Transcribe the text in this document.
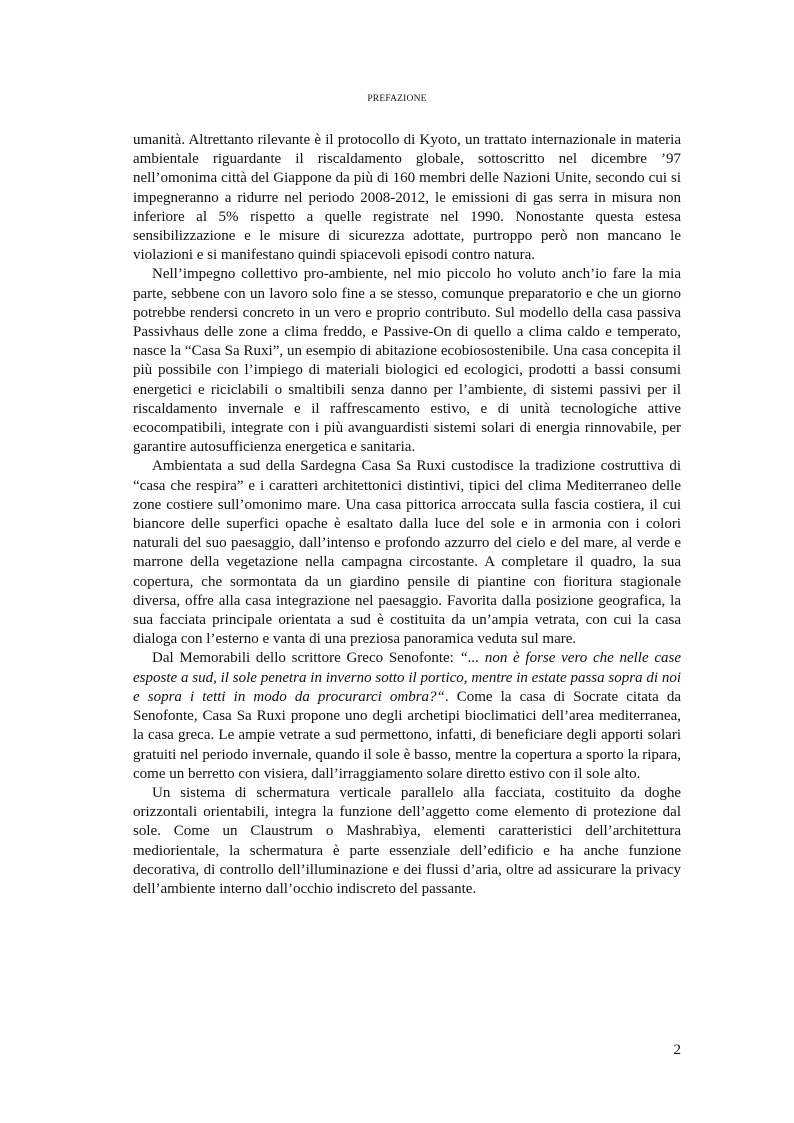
PREFAZIONE

umanità. Altrettanto rilevante è il protocollo di Kyoto, un trattato internazionale in materia ambientale riguardante il riscaldamento globale, sottoscritto nel dicembre ’97 nell’omonima città del Giappone da più di 160 membri delle Nazioni Unite, secondo cui si impegneranno a ridurre nel periodo 2008-2012, le emissioni di gas serra in misura non inferiore al 5% rispetto a quelle registrate nel 1990. Nonostante questa estesa sensibilizzazione e le misure di sicurezza adottate, purtroppo però non mancano le violazioni e si manifestano quindi spiacevoli episodi contro natura.

Nell’impegno collettivo pro-ambiente, nel mio piccolo ho voluto anch’io fare la mia parte, sebbene con un lavoro solo fine a se stesso, comunque preparatorio e che un giorno potrebbe rendersi concreto in un vero e proprio contributo. Sul modello della casa passiva Passivhaus delle zone a clima freddo, e Passive-On di quello a clima caldo e temperato, nasce la “Casa Sa Ruxi”, un esempio di abitazione ecobiosostenibile. Una casa concepita il più possibile con l’impiego di materiali biologici ed ecologici, prodotti a bassi consumi energetici e riciclabili o smaltibili senza danno per l’ambiente, di sistemi passivi per il riscaldamento invernale e il raffrescamento estivo, e di unità tecnologiche attive ecocompatibili, integrate con i più avanguardisti sistemi solari di energia rinnovabile, per garantire autosufficienza energetica e sanitaria.

Ambientata a sud della Sardegna Casa Sa Ruxi custodisce la tradizione costruttiva di “casa che respira” e i caratteri architettonici distintivi, tipici del clima Mediterraneo delle zone costiere sull’omonimo mare. Una casa pittorica arroccata sulla fascia costiera, il cui biancore delle superfici opache è esaltato dalla luce del sole e in armonia con i colori naturali del suo paesaggio, dall’intenso e profondo azzurro del cielo e del mare, al verde e marrone della vegetazione nella campagna circostante. A completare il quadro, la sua copertura, che sormontata da un giardino pensile di piantine con fioritura stagionale diversa, offre alla casa integrazione nel paesaggio. Favorita dalla posizione geografica, la sua facciata principale orientata a sud è costituita da un’ampia vetrata, con cui la casa dialoga con l’esterno e vanta di una preziosa panoramica veduta sul mare.

Dal Memorabili dello scrittore Greco Senofonte: “... non è forse vero che nelle case esposte a sud, il sole penetra in inverno sotto il portico, mentre in estate passa sopra di noi e sopra i tetti in modo da procurarci ombra?“. Come la casa di Socrate citata da Senofonte, Casa Sa Ruxi propone uno degli archetipi bioclimatici dell’area mediterranea, la casa greca. Le ampie vetrate a sud permettono, infatti, di beneficiare degli apporti solari gratuiti nel periodo invernale, quando il sole è basso, mentre la copertura a sporto la ripara, come un berretto con visiera, dall’irraggiamento solare diretto estivo con il sole alto.

Un sistema di schermatura verticale parallelo alla facciata, costituito da doghe orizzontali orientabili, integra la funzione dell’aggetto come elemento di protezione dal sole. Come un Claustrum o Mashrabìya, elementi caratteristici dell’architettura mediorientale, la schermatura è parte essenziale dell’edificio e ha anche funzione decorativa, di controllo dell’illuminazione e dei flussi d’aria, oltre ad assicurare la privacy dell’ambiente interno dall’occhio indiscreto del passante.

2
